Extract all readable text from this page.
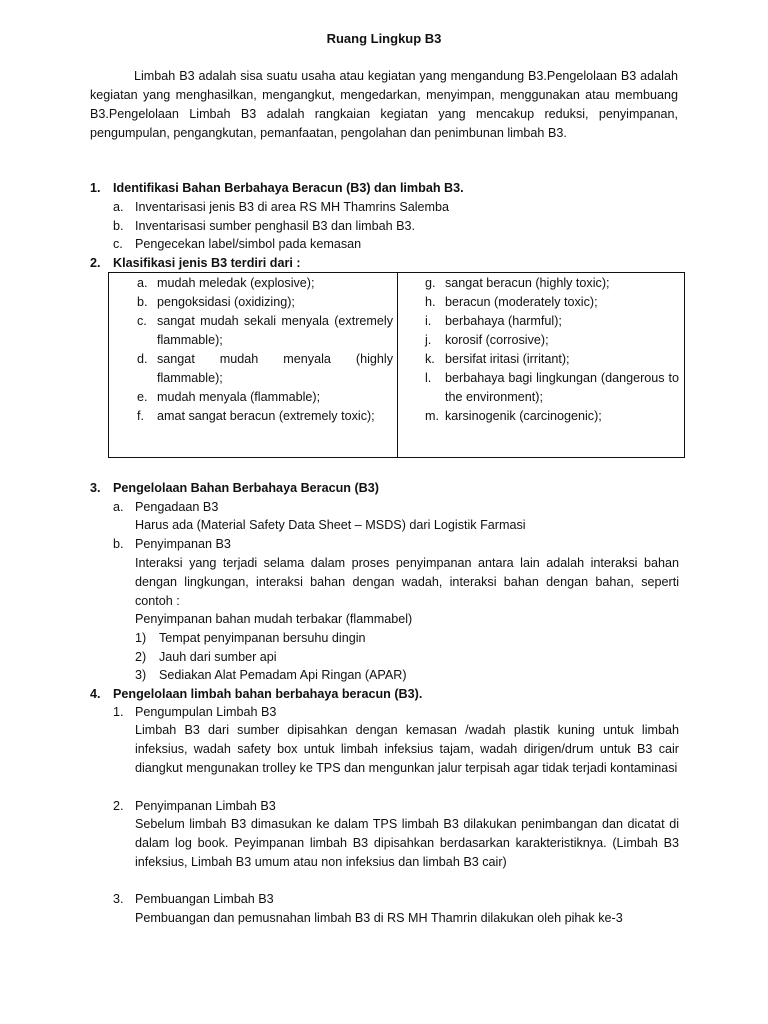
Ruang Lingkup B3
Limbah B3 adalah sisa suatu usaha atau kegiatan yang mengandung B3.Pengelolaan B3 adalah kegiatan yang menghasilkan, mengangkut, mengedarkan, menyimpan, menggunakan atau membuang B3.Pengelolaan Limbah B3 adalah rangkaian kegiatan yang mencakup reduksi, penyimpanan, pengumpulan, pengangkutan, pemanfaatan, pengolahan dan penimbunan limbah B3.
1. Identifikasi Bahan Berbahaya Beracun (B3) dan limbah B3.
a. Inventarisasi jenis B3 di area RS MH Thamrins Salemba
b. Inventarisasi sumber penghasil B3 dan limbah B3.
c. Pengecekan label/simbol pada kemasan
2. Klasifikasi jenis B3 terdiri dari :
a. mudah meledak (explosive);
b. pengoksidasi (oxidizing);
c. sangat mudah sekali menyala (extremely flammable);
d. sangat mudah menyala (highly flammable);
e. mudah menyala (flammable);
f. amat sangat beracun (extremely toxic);
g. sangat beracun (highly toxic);
h. beracun (moderately toxic);
i. berbahaya (harmful);
j. korosif (corrosive);
k. bersifat iritasi (irritant);
l. berbahaya bagi lingkungan (dangerous to the environment);
m. karsinogenik (carcinogenic);
3. Pengelolaan Bahan Berbahaya Beracun (B3)
a. Pengadaan B3
Harus ada (Material Safety Data Sheet – MSDS) dari Logistik Farmasi
b. Penyimpanan B3
Interaksi yang terjadi selama dalam proses penyimpanan antara lain adalah interaksi bahan dengan lingkungan, interaksi bahan dengan wadah, interaksi bahan dengan bahan, seperti contoh :
Penyimpanan bahan mudah terbakar (flammabel)
1)	Tempat penyimpanan bersuhu dingin
2)	Jauh dari sumber api
3)	Sediakan Alat Pemadam Api Ringan (APAR)
4. Pengelolaan limbah bahan berbahaya beracun (B3).
1. Pengumpulan Limbah B3
Limbah B3 dari sumber dipisahkan dengan kemasan /wadah plastik kuning untuk limbah infeksius, wadah safety box untuk limbah infeksius tajam, wadah dirigen/drum untuk B3 cair diangkut mengunakan trolley ke TPS dan mengunkan jalur terpisah agar tidak terjadi kontaminasi
2. Penyimpanan Limbah B3
Sebelum limbah B3 dimasukan ke dalam TPS limbah B3 dilakukan penimbangan dan dicatat di dalam log book. Peyimpanan limbah B3 dipisahkan berdasarkan karakteristiknya. (Limbah B3 infeksius, Limbah B3 umum atau non infeksius dan limbah B3 cair)
3. Pembuangan Limbah B3
Pembuangan dan pemusnahan limbah B3 di RS MH Thamrin dilakukan oleh pihak ke-3
